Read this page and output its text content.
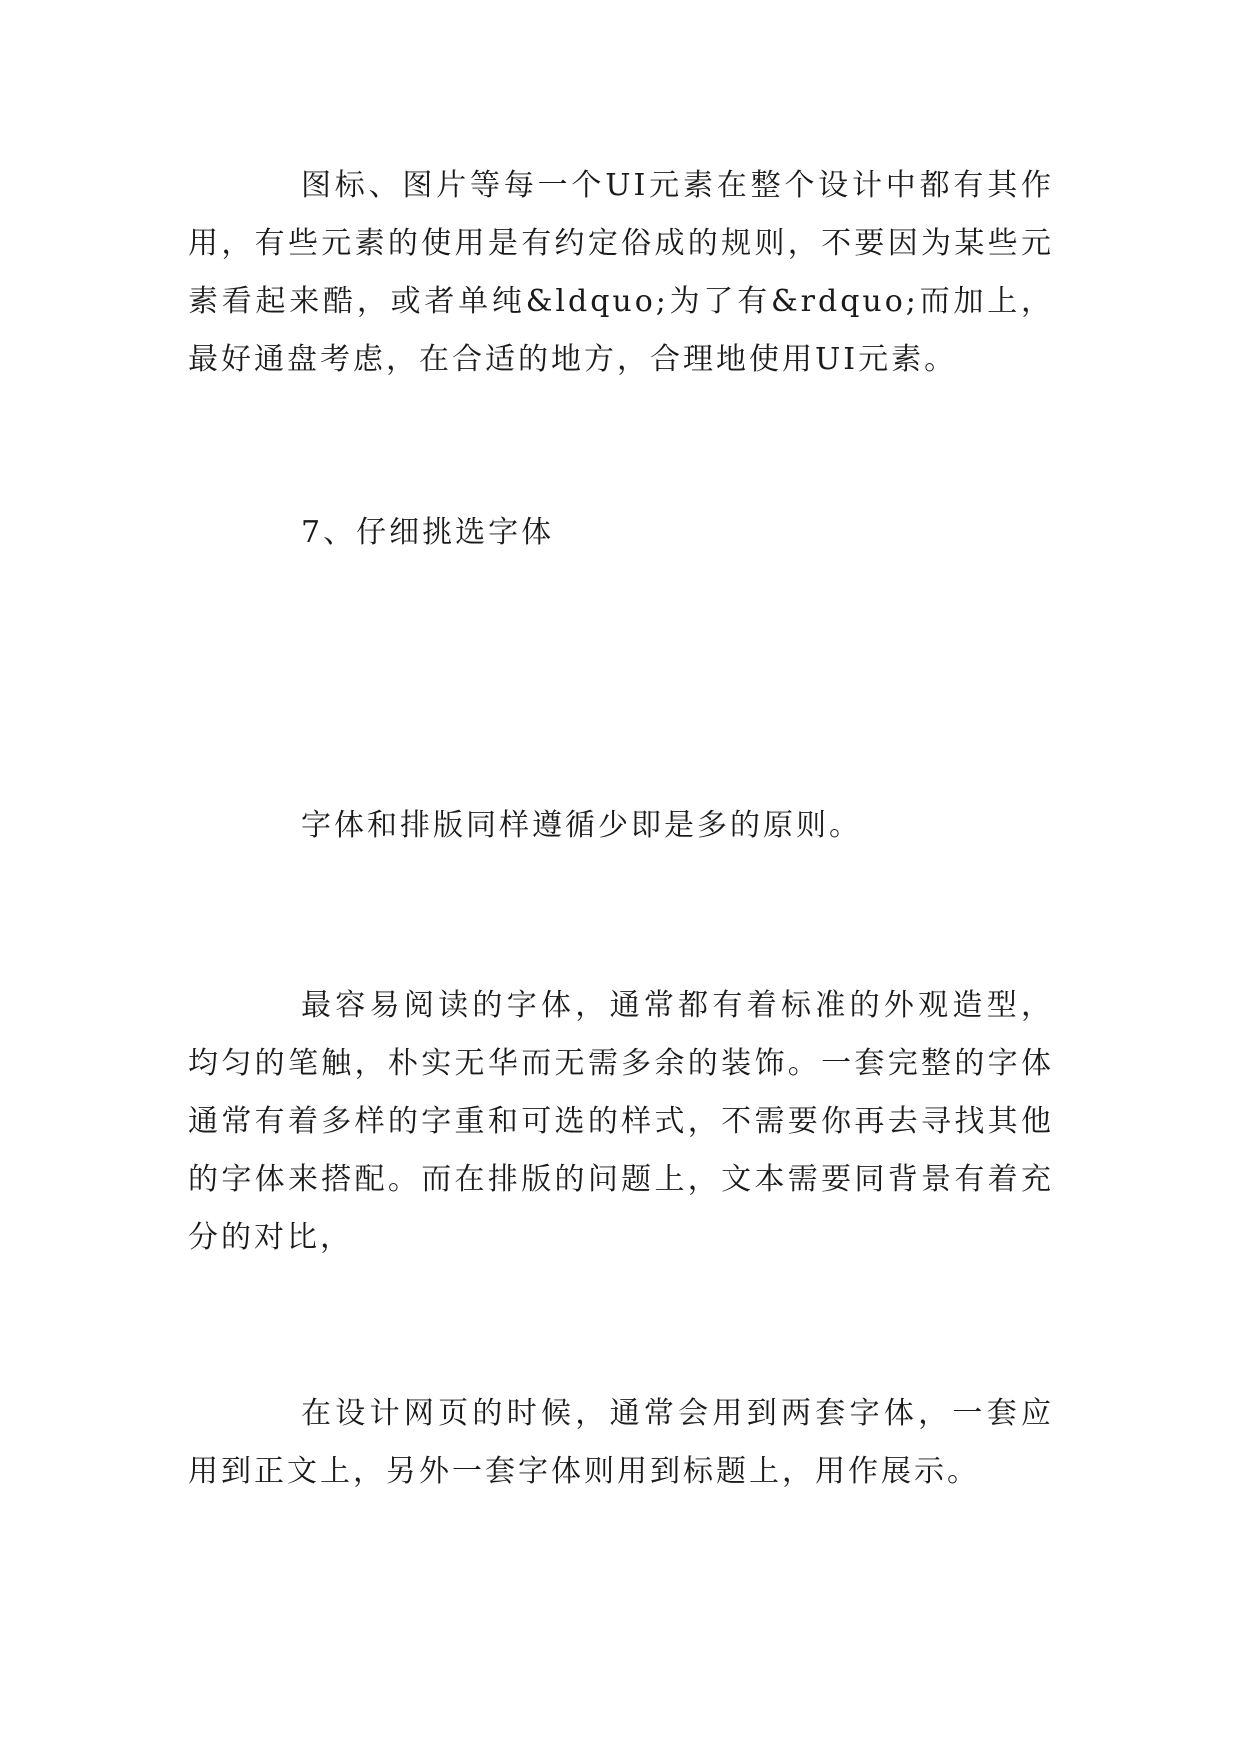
图标、图片等每一个UI元素在整个设计中都有其作用，有些元素的使用是有约定俗成的规则，不要因为某些元素看起来酷，或者单纯&ldquo;为了有&rdquo;而加上，最好通盘考虑，在合适的地方，合理地使用UI元素。

7、仔细挑选字体

字体和排版同样遵循少即是多的原则。

最容易阅读的字体，通常都有着标准的外观造型，均匀的笔触，朴实无华而无需多余的装饰。一套完整的字体通常有着多样的字重和可选的样式，不需要你再去寻找其他的字体来搭配。而在排版的问题上，文本需要同背景有着充分的对比，

在设计网页的时候，通常会用到两套字体，一套应用到正文上，另外一套字体则用到标题上，用作展示。
